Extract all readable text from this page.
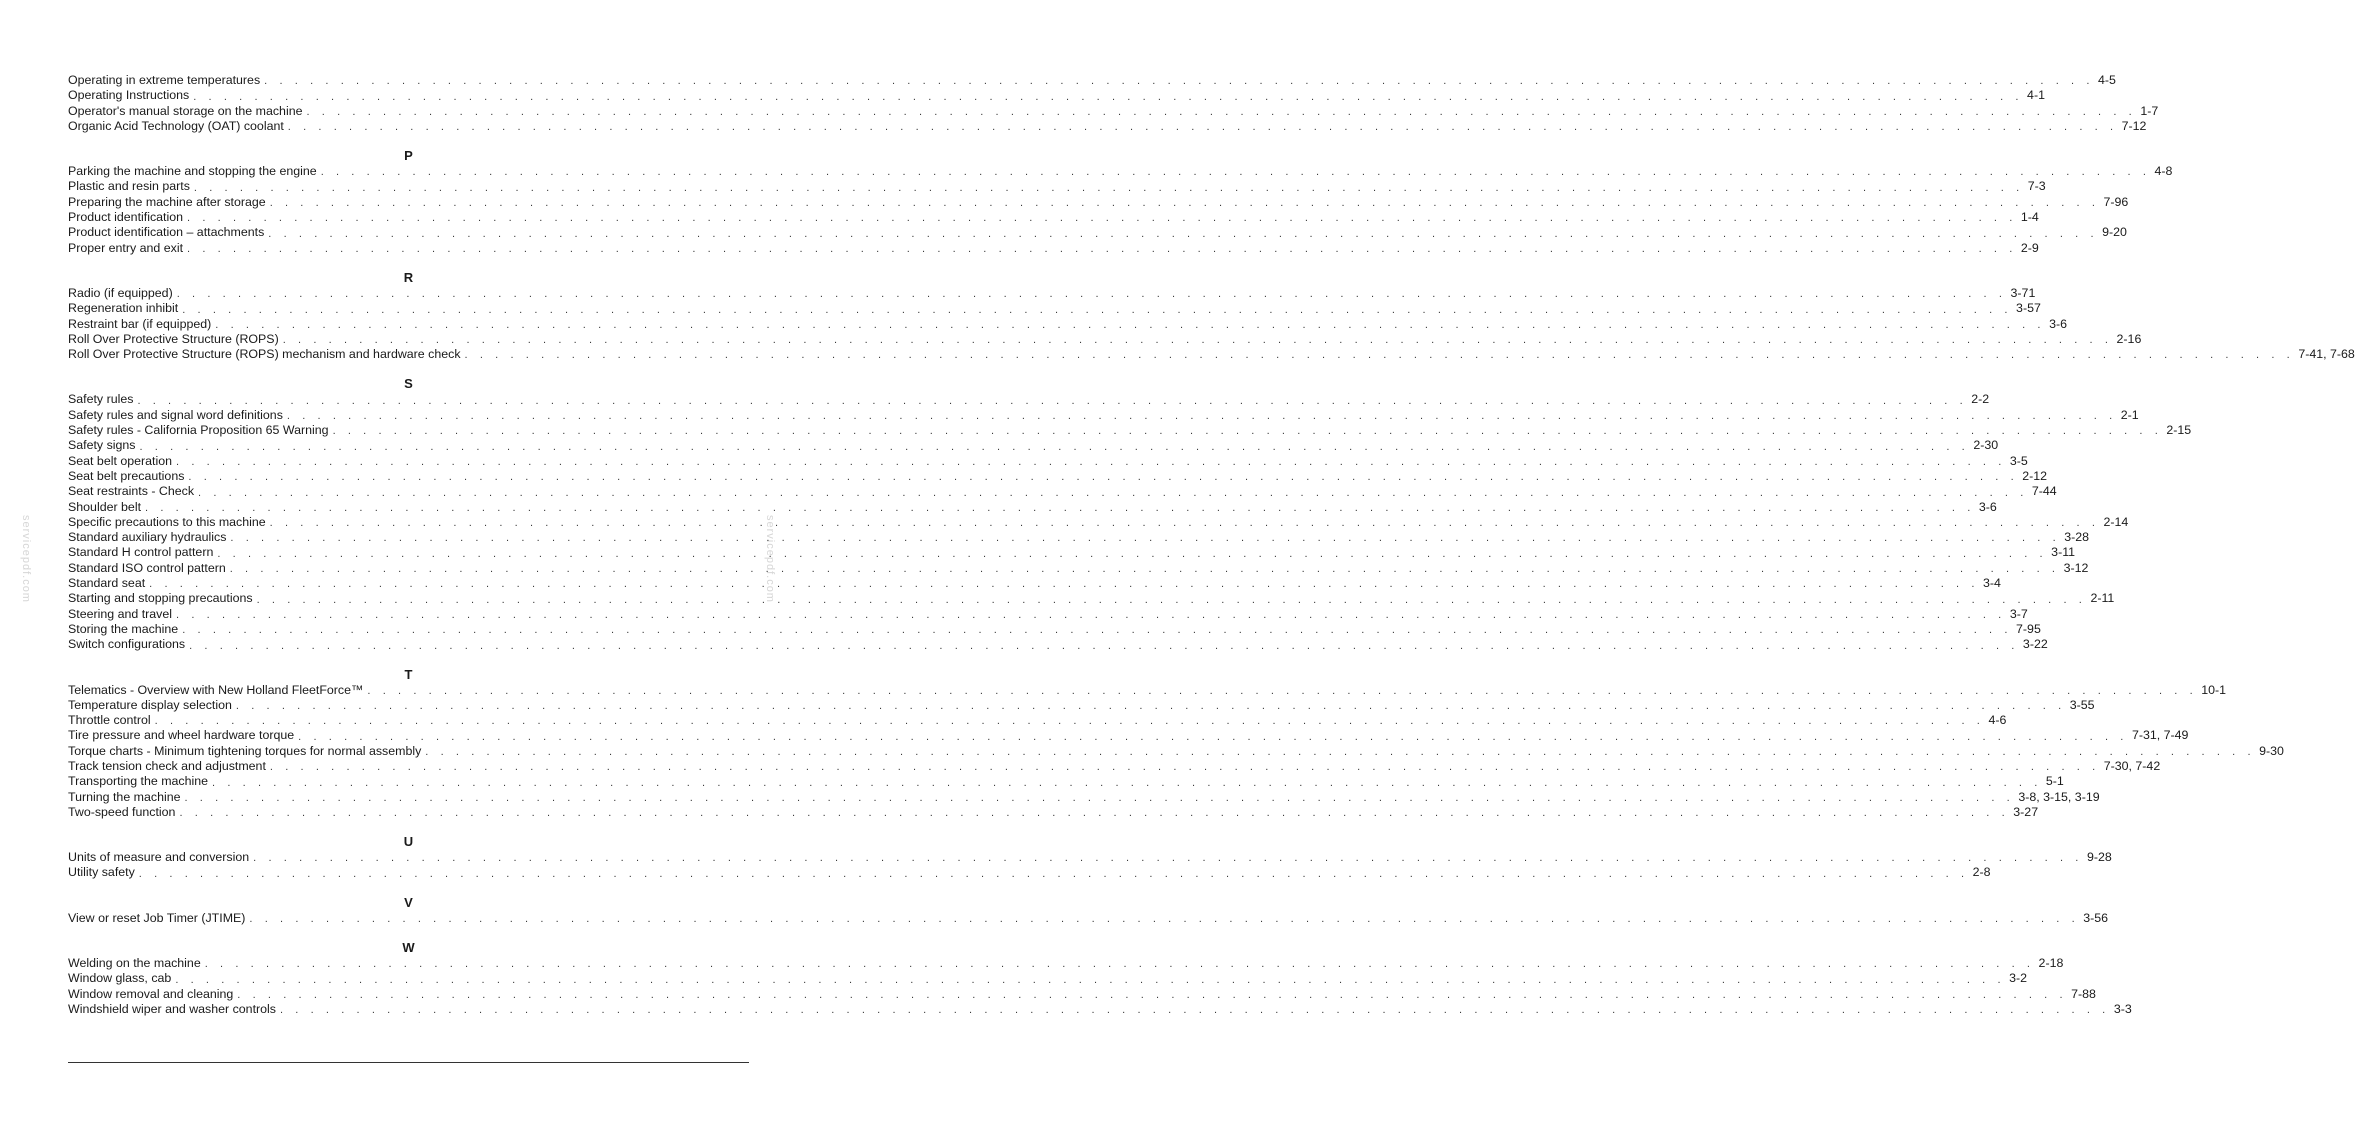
servicepdf.com	servicepdf.com
Operating in extreme temperatures . . . . . . . . . . . . . . . . . . . . . . . . . . . . . . . . . . . . . . . . . . . . . . . . . . . . . . . . . . . . . . . . . . . . . . . . . . . . . . . . . . . . . . . . . . . . . . . . . . . . . . . . . . . . . . . . . . . . . . . . 4-5
Operating Instructions . . . . . . . . . . . . . . . . . . . . . . . . . . . . . . . . . . . . . . . . . . . . . . . . . . . . . . . . . . . . . . . . . . . . . . . . . . . . . . . . . . . . . . . . . . . . . . . . . . . . . . . . . . . . . . . . . . . . . . . . 4-1
Operator's manual storage on the machine . . . . . . . . . . . . . . . . . . . . . . . . . . . . . . . . . . . . . . . . . . . . . . . . . . . . . . . . . . . . . . . . . . . . . . . . . . . . . . . . . . . . . . . . . . . . . . . . . . . . . . . . . . . . . . . . . . . . . . . . 1-7
Organic Acid Technology (OAT) coolant . . . . . . . . . . . . . . . . . . . . . . . . . . . . . . . . . . . . . . . . . . . . . . . . . . . . . . . . . . . . . . . . . . . . . . . . . . . . . . . . . . . . . . . . . . . . . . . . . . . . . . . . . . . . . . . . . . . . . . . . 7-12
P
Parking the machine and stopping the engine . . . . . . . . . . . . . . . . . . . . . . . . . . . . . . . . . . . . . . . . . . . . . . . . . . . . . . . . . . . . . . . . . . . . . . . . . . . . . . . . . . . . . . . . . . . . . . . . . . . . . . . . . . . . . . . . . . . . . . . . 4-8
Plastic and resin parts . . . . . . . . . . . . . . . . . . . . . . . . . . . . . . . . . . . . . . . . . . . . . . . . . . . . . . . . . . . . . . . . . . . . . . . . . . . . . . . . . . . . . . . . . . . . . . . . . . . . . . . . . . . . . . . . . . . . . . . . 7-3
Preparing the machine after storage . . . . . . . . . . . . . . . . . . . . . . . . . . . . . . . . . . . . . . . . . . . . . . . . . . . . . . . . . . . . . . . . . . . . . . . . . . . . . . . . . . . . . . . . . . . . . . . . . . . . . . . . . . . . . . . . . . . . . . . . 7-96
Product identification . . . . . . . . . . . . . . . . . . . . . . . . . . . . . . . . . . . . . . . . . . . . . . . . . . . . . . . . . . . . . . . . . . . . . . . . . . . . . . . . . . . . . . . . . . . . . . . . . . . . . . . . . . . . . . . . . . . . . . . . 1-4
Product identification – attachments . . . . . . . . . . . . . . . . . . . . . . . . . . . . . . . . . . . . . . . . . . . . . . . . . . . . . . . . . . . . . . . . . . . . . . . . . . . . . . . . . . . . . . . . . . . . . . . . . . . . . . . . . . . . . . . . . . . . . . . . 9-20
Proper entry and exit . . . . . . . . . . . . . . . . . . . . . . . . . . . . . . . . . . . . . . . . . . . . . . . . . . . . . . . . . . . . . . . . . . . . . . . . . . . . . . . . . . . . . . . . . . . . . . . . . . . . . . . . . . . . . . . . . . . . . . . . 2-9
R
Radio (if equipped) . . . . . . . . . . . . . . . . . . . . . . . . . . . . . . . . . . . . . . . . . . . . . . . . . . . . . . . . . . . . . . . . . . . . . . . . . . . . . . . . . . . . . . . . . . . . . . . . . . . . . . . . . . . . . . . . . . . . . . . . 3-71
Regeneration inhibit . . . . . . . . . . . . . . . . . . . . . . . . . . . . . . . . . . . . . . . . . . . . . . . . . . . . . . . . . . . . . . . . . . . . . . . . . . . . . . . . . . . . . . . . . . . . . . . . . . . . . . . . . . . . . . . . . . . . . . . . 3-57
Restraint bar (if equipped) . . . . . . . . . . . . . . . . . . . . . . . . . . . . . . . . . . . . . . . . . . . . . . . . . . . . . . . . . . . . . . . . . . . . . . . . . . . . . . . . . . . . . . . . . . . . . . . . . . . . . . . . . . . . . . . . . . . . . . . . 3-6
Roll Over Protective Structure (ROPS) . . . . . . . . . . . . . . . . . . . . . . . . . . . . . . . . . . . . . . . . . . . . . . . . . . . . . . . . . . . . . . . . . . . . . . . . . . . . . . . . . . . . . . . . . . . . . . . . . . . . . . . . . . . . . . . . . . . . . . . . 2-16
Roll Over Protective Structure (ROPS) mechanism and hardware check . . . . . . . . . . . . . . . . . . . . . . . . . . . . . . . . . . . . . . . . . . . . . . . . . . . . . . . . . . . . . . . . . . . . . . . . . . . . . . . . . . . . . . . . . . . . . . . . . . . . . . . . . . . . . . . . . . . . . . . . 7-41, 7-68
S
Safety rules . . . . . . . . . . . . . . . . . . . . . . . . . . . . . . . . . . . . . . . . . . . . . . . . . . . . . . . . . . . . . . . . . . . . . . . . . . . . . . . . . . . . . . . . . . . . . . . . . . . . . . . . . . . . . . . . . . . . . . . . 2-2
Safety rules and signal word definitions . . . . . . . . . . . . . . . . . . . . . . . . . . . . . . . . . . . . . . . . . . . . . . . . . . . . . . . . . . . . . . . . . . . . . . . . . . . . . . . . . . . . . . . . . . . . . . . . . . . . . . . . . . . . . . . . . . . . . . . . 2-1
Safety rules - California Proposition 65 Warning . . . . . . . . . . . . . . . . . . . . . . . . . . . . . . . . . . . . . . . . . . . . . . . . . . . . . . . . . . . . . . . . . . . . . . . . . . . . . . . . . . . . . . . . . . . . . . . . . . . . . . . . . . . . . . . . . . . . . . . . 2-15
Safety signs . . . . . . . . . . . . . . . . . . . . . . . . . . . . . . . . . . . . . . . . . . . . . . . . . . . . . . . . . . . . . . . . . . . . . . . . . . . . . . . . . . . . . . . . . . . . . . . . . . . . . . . . . . . . . . . . . . . . . . . . 2-30
Seat belt operation . . . . . . . . . . . . . . . . . . . . . . . . . . . . . . . . . . . . . . . . . . . . . . . . . . . . . . . . . . . . . . . . . . . . . . . . . . . . . . . . . . . . . . . . . . . . . . . . . . . . . . . . . . . . . . . . . . . . . . . . 3-5
Seat belt precautions . . . . . . . . . . . . . . . . . . . . . . . . . . . . . . . . . . . . . . . . . . . . . . . . . . . . . . . . . . . . . . . . . . . . . . . . . . . . . . . . . . . . . . . . . . . . . . . . . . . . . . . . . . . . . . . . . . . . . . . . 2-12
Seat restraints - Check . . . . . . . . . . . . . . . . . . . . . . . . . . . . . . . . . . . . . . . . . . . . . . . . . . . . . . . . . . . . . . . . . . . . . . . . . . . . . . . . . . . . . . . . . . . . . . . . . . . . . . . . . . . . . . . . . . . . . . . . 7-44
Shoulder belt . . . . . . . . . . . . . . . . . . . . . . . . . . . . . . . . . . . . . . . . . . . . . . . . . . . . . . . . . . . . . . . . . . . . . . . . . . . . . . . . . . . . . . . . . . . . . . . . . . . . . . . . . . . . . . . . . . . . . . . . 3-6
Specific precautions to this machine . . . . . . . . . . . . . . . . . . . . . . . . . . . . . . . . . . . . . . . . . . . . . . . . . . . . . . . . . . . . . . . . . . . . . . . . . . . . . . . . . . . . . . . . . . . . . . . . . . . . . . . . . . . . . . . . . . . . . . . . 2-14
Standard auxiliary hydraulics . . . . . . . . . . . . . . . . . . . . . . . . . . . . . . . . . . . . . . . . . . . . . . . . . . . . . . . . . . . . . . . . . . . . . . . . . . . . . . . . . . . . . . . . . . . . . . . . . . . . . . . . . . . . . . . . . . . . . . . . 3-28
Standard H control pattern . . . . . . . . . . . . . . . . . . . . . . . . . . . . . . . . . . . . . . . . . . . . . . . . . . . . . . . . . . . . . . . . . . . . . . . . . . . . . . . . . . . . . . . . . . . . . . . . . . . . . . . . . . . . . . . . . . . . . . . . 3-11
Standard ISO control pattern . . . . . . . . . . . . . . . . . . . . . . . . . . . . . . . . . . . . . . . . . . . . . . . . . . . . . . . . . . . . . . . . . . . . . . . . . . . . . . . . . . . . . . . . . . . . . . . . . . . . . . . . . . . . . . . . . . . . . . . . 3-12
Standard seat . . . . . . . . . . . . . . . . . . . . . . . . . . . . . . . . . . . . . . . . . . . . . . . . . . . . . . . . . . . . . . . . . . . . . . . . . . . . . . . . . . . . . . . . . . . . . . . . . . . . . . . . . . . . . . . . . . . . . . . . 3-4
Starting and stopping precautions . . . . . . . . . . . . . . . . . . . . . . . . . . . . . . . . . . . . . . . . . . . . . . . . . . . . . . . . . . . . . . . . . . . . . . . . . . . . . . . . . . . . . . . . . . . . . . . . . . . . . . . . . . . . . . . . . . . . . . . . 2-11
Steering and travel . . . . . . . . . . . . . . . . . . . . . . . . . . . . . . . . . . . . . . . . . . . . . . . . . . . . . . . . . . . . . . . . . . . . . . . . . . . . . . . . . . . . . . . . . . . . . . . . . . . . . . . . . . . . . . . . . . . . . . . . 3-7
Storing the machine . . . . . . . . . . . . . . . . . . . . . . . . . . . . . . . . . . . . . . . . . . . . . . . . . . . . . . . . . . . . . . . . . . . . . . . . . . . . . . . . . . . . . . . . . . . . . . . . . . . . . . . . . . . . . . . . . . . . . . . . 7-95
Switch configurations . . . . . . . . . . . . . . . . . . . . . . . . . . . . . . . . . . . . . . . . . . . . . . . . . . . . . . . . . . . . . . . . . . . . . . . . . . . . . . . . . . . . . . . . . . . . . . . . . . . . . . . . . . . . . . . . . . . . . . . . 3-22
T
Telematics - Overview with New Holland FleetForce™ . . . . . . . . . . . . . . . . . . . . . . . . . . . . . . . . . . . . . . . . . . . . . . . . . . . . . . . . . . . . . . . . . . . . . . . . . . . . . . . . . . . . . . . . . . . . . . . . . . . . . . . . . . . . . . . . . . . . . . . . 10-1
Temperature display selection . . . . . . . . . . . . . . . . . . . . . . . . . . . . . . . . . . . . . . . . . . . . . . . . . . . . . . . . . . . . . . . . . . . . . . . . . . . . . . . . . . . . . . . . . . . . . . . . . . . . . . . . . . . . . . . . . . . . . . . . 3-55
Throttle control . . . . . . . . . . . . . . . . . . . . . . . . . . . . . . . . . . . . . . . . . . . . . . . . . . . . . . . . . . . . . . . . . . . . . . . . . . . . . . . . . . . . . . . . . . . . . . . . . . . . . . . . . . . . . . . . . . . . . . . . 4-6
Tire pressure and wheel hardware torque . . . . . . . . . . . . . . . . . . . . . . . . . . . . . . . . . . . . . . . . . . . . . . . . . . . . . . . . . . . . . . . . . . . . . . . . . . . . . . . . . . . . . . . . . . . . . . . . . . . . . . . . . . . . . . . . . . . . . . . . 7-31, 7-49
Torque charts - Minimum tightening torques for normal assembly . . . . . . . . . . . . . . . . . . . . . . . . . . . . . . . . . . . . . . . . . . . . . . . . . . . . . . . . . . . . . . . . . . . . . . . . . . . . . . . . . . . . . . . . . . . . . . . . . . . . . . . . . . . . . . . . . . . . . . . . 9-30
Track tension check and adjustment . . . . . . . . . . . . . . . . . . . . . . . . . . . . . . . . . . . . . . . . . . . . . . . . . . . . . . . . . . . . . . . . . . . . . . . . . . . . . . . . . . . . . . . . . . . . . . . . . . . . . . . . . . . . . . . . . . . . . . . . 7-30, 7-42
Transporting the machine . . . . . . . . . . . . . . . . . . . . . . . . . . . . . . . . . . . . . . . . . . . . . . . . . . . . . . . . . . . . . . . . . . . . . . . . . . . . . . . . . . . . . . . . . . . . . . . . . . . . . . . . . . . . . . . . . . . . . . . . 5-1
Turning the machine . . . . . . . . . . . . . . . . . . . . . . . . . . . . . . . . . . . . . . . . . . . . . . . . . . . . . . . . . . . . . . . . . . . . . . . . . . . . . . . . . . . . . . . . . . . . . . . . . . . . . . . . . . . . . . . . . . . . . . . . 3-8, 3-15, 3-19
Two-speed function . . . . . . . . . . . . . . . . . . . . . . . . . . . . . . . . . . . . . . . . . . . . . . . . . . . . . . . . . . . . . . . . . . . . . . . . . . . . . . . . . . . . . . . . . . . . . . . . . . . . . . . . . . . . . . . . . . . . . . . . 3-27
U
Units of measure and conversion . . . . . . . . . . . . . . . . . . . . . . . . . . . . . . . . . . . . . . . . . . . . . . . . . . . . . . . . . . . . . . . . . . . . . . . . . . . . . . . . . . . . . . . . . . . . . . . . . . . . . . . . . . . . . . . . . . . . . . . . 9-28
Utility safety . . . . . . . . . . . . . . . . . . . . . . . . . . . . . . . . . . . . . . . . . . . . . . . . . . . . . . . . . . . . . . . . . . . . . . . . . . . . . . . . . . . . . . . . . . . . . . . . . . . . . . . . . . . . . . . . . . . . . . . . 2-8
V
View or reset Job Timer (JTIME) . . . . . . . . . . . . . . . . . . . . . . . . . . . . . . . . . . . . . . . . . . . . . . . . . . . . . . . . . . . . . . . . . . . . . . . . . . . . . . . . . . . . . . . . . . . . . . . . . . . . . . . . . . . . . . . . . . . . . . . . 3-56
W
Welding on the machine . . . . . . . . . . . . . . . . . . . . . . . . . . . . . . . . . . . . . . . . . . . . . . . . . . . . . . . . . . . . . . . . . . . . . . . . . . . . . . . . . . . . . . . . . . . . . . . . . . . . . . . . . . . . . . . . . . . . . . . . 2-18
Window glass, cab . . . . . . . . . . . . . . . . . . . . . . . . . . . . . . . . . . . . . . . . . . . . . . . . . . . . . . . . . . . . . . . . . . . . . . . . . . . . . . . . . . . . . . . . . . . . . . . . . . . . . . . . . . . . . . . . . . . . . . . . 3-2
Window removal and cleaning . . . . . . . . . . . . . . . . . . . . . . . . . . . . . . . . . . . . . . . . . . . . . . . . . . . . . . . . . . . . . . . . . . . . . . . . . . . . . . . . . . . . . . . . . . . . . . . . . . . . . . . . . . . . . . . . . . . . . . . . 7-88
Windshield wiper and washer controls . . . . . . . . . . . . . . . . . . . . . . . . . . . . . . . . . . . . . . . . . . . . . . . . . . . . . . . . . . . . . . . . . . . . . . . . . . . . . . . . . . . . . . . . . . . . . . . . . . . . . . . . . . . . . . . . . . . . . . . . 3-3
